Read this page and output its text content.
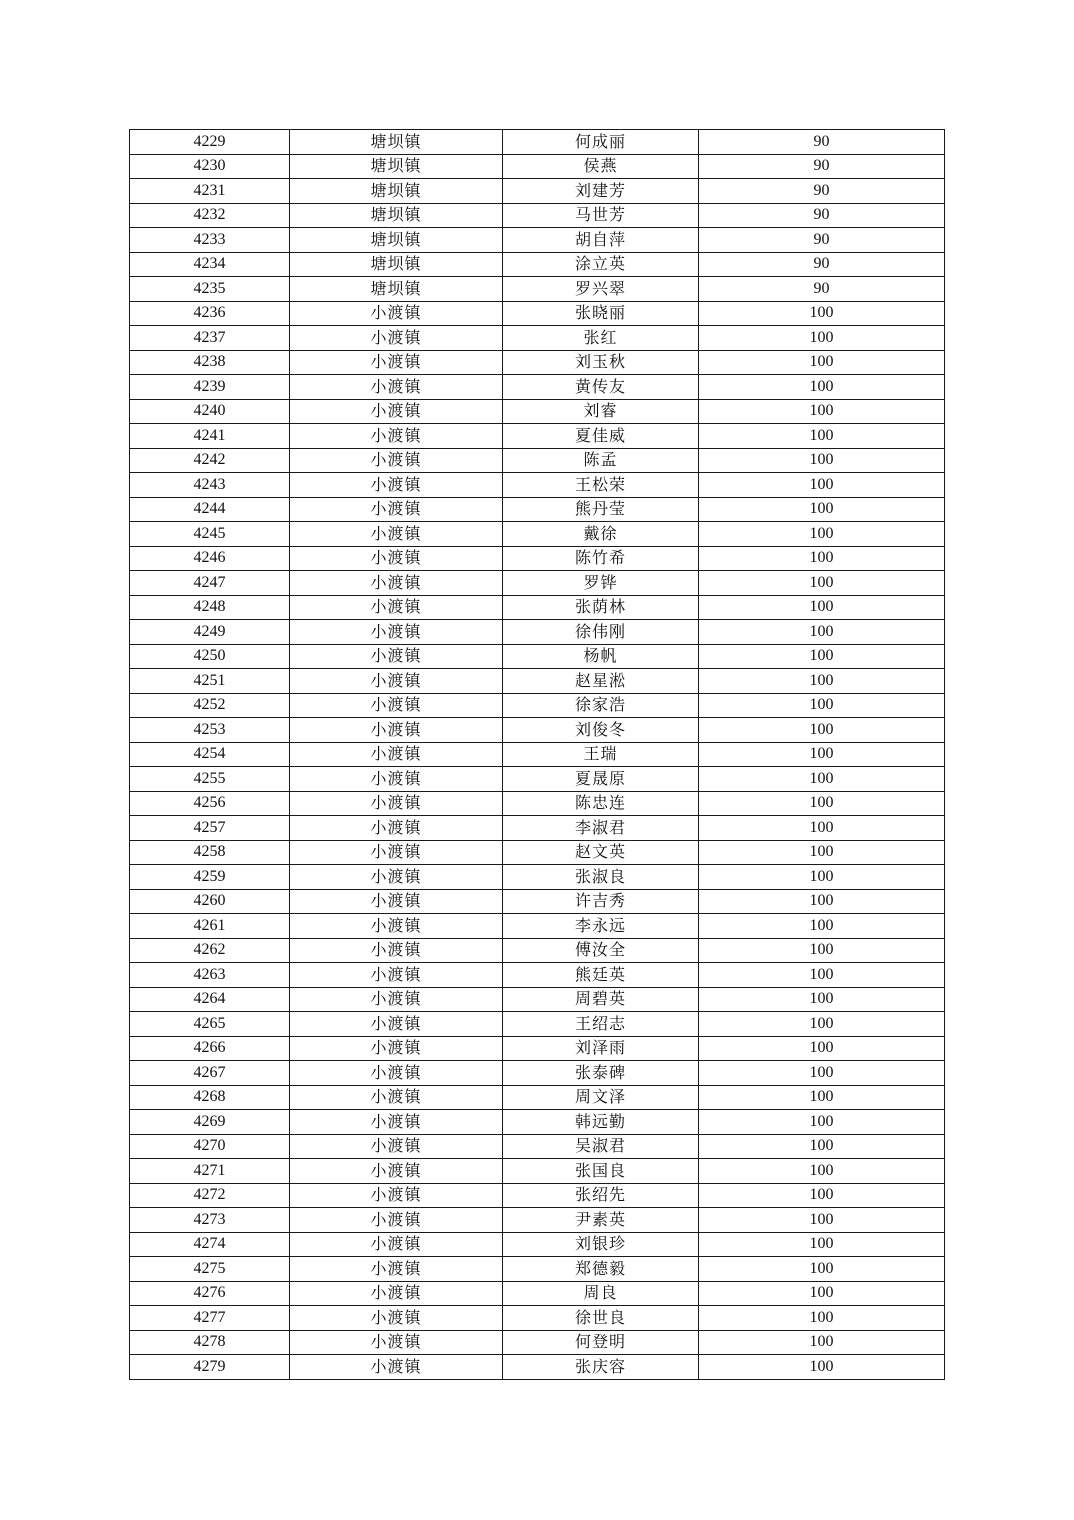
4229	塘坝镇	何成丽	90
4230	塘坝镇	侯燕	90
4231	塘坝镇	刘建芳	90
4232	塘坝镇	马世芳	90
4233	塘坝镇	胡自萍	90
4234	塘坝镇	涂立英	90
4235	塘坝镇	罗兴翠	90
4236	小渡镇	张晓丽	100
4237	小渡镇	张红	100
4238	小渡镇	刘玉秋	100
4239	小渡镇	黄传友	100
4240	小渡镇	刘睿	100
4241	小渡镇	夏佳威	100
4242	小渡镇	陈孟	100
4243	小渡镇	王松荣	100
4244	小渡镇	熊丹莹	100
4245	小渡镇	戴徐	100
4246	小渡镇	陈竹希	100
4247	小渡镇	罗铧	100
4248	小渡镇	张荫林	100
4249	小渡镇	徐伟刚	100
4250	小渡镇	杨帆	100
4251	小渡镇	赵星淞	100
4252	小渡镇	徐家浩	100
4253	小渡镇	刘俊冬	100
4254	小渡镇	王瑞	100
4255	小渡镇	夏晟原	100
4256	小渡镇	陈忠连	100
4257	小渡镇	李淑君	100
4258	小渡镇	赵文英	100
4259	小渡镇	张淑良	100
4260	小渡镇	许吉秀	100
4261	小渡镇	李永远	100
4262	小渡镇	傅汝全	100
4263	小渡镇	熊廷英	100
4264	小渡镇	周碧英	100
4265	小渡镇	王绍志	100
4266	小渡镇	刘泽雨	100
4267	小渡镇	张泰碑	100
4268	小渡镇	周文泽	100
4269	小渡镇	韩远勤	100
4270	小渡镇	吴淑君	100
4271	小渡镇	张国良	100
4272	小渡镇	张绍先	100
4273	小渡镇	尹素英	100
4274	小渡镇	刘银珍	100
4275	小渡镇	郑德毅	100
4276	小渡镇	周良	100
4277	小渡镇	徐世良	100
4278	小渡镇	何登明	100
4279	小渡镇	张庆容	100
